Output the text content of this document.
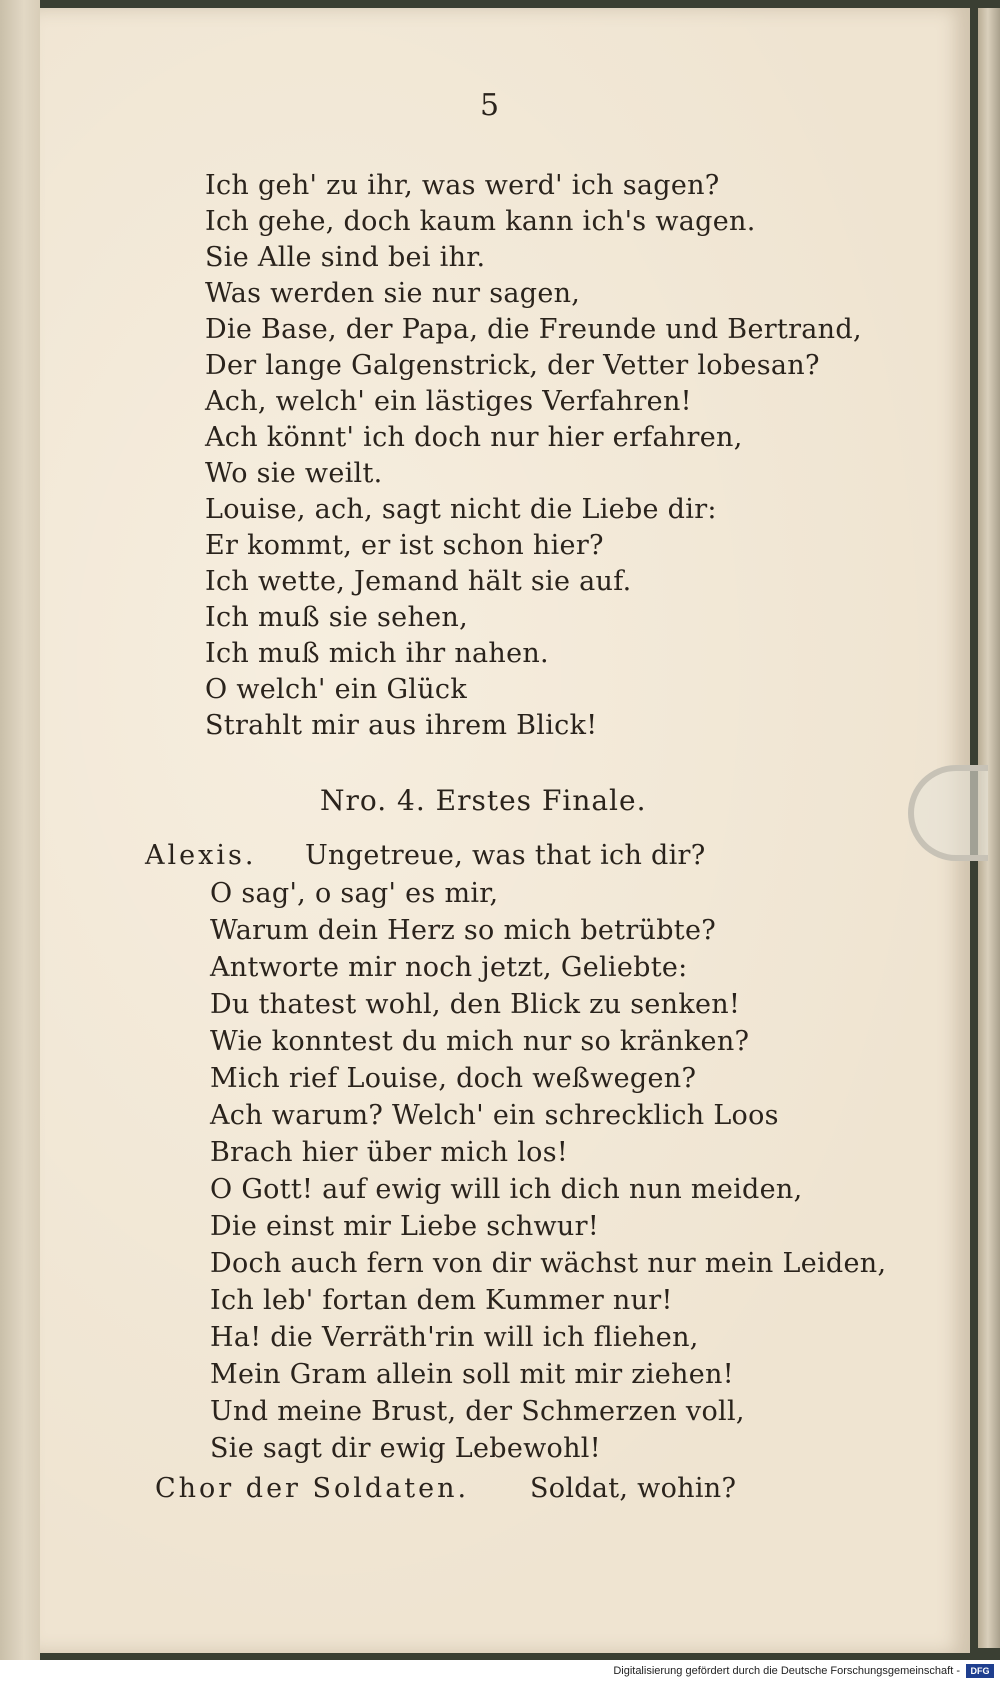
5
Ich geh' zu ihr, was werd' ich sagen?
Ich gehe, doch kaum kann ich's wagen.
Sie Alle sind bei ihr.
Was werden sie nur sagen,
Die Base, der Papa, die Freunde und Bertrand,
Der lange Galgenstrick, der Vetter lobesan?
Ach, welch' ein lästiges Verfahren!
Ach könnt' ich doch nur hier erfahren,
Wo sie weilt.
Louise, ach, sagt nicht die Liebe dir:
Er kommt, er ist schon hier?
Ich wette, Jemand hält sie auf.
Ich muß sie sehen,
Ich muß mich ihr nahen.
O welch' ein Glück
Strahlt mir aus ihrem Blick!
Nro. 4. Erstes Finale.
Alexis. Ungetreue, was that ich dir?
O sag', o sag' es mir,
Warum dein Herz so mich betrübte?
Antworte mir noch jetzt, Geliebte:
Du thatest wohl, den Blick zu senken!
Wie konntest du mich nur so kränken?
Mich rief Louise, doch weßwegen?
Ach warum? Welch' ein schrecklich Loos
Brach hier über mich los!
O Gott! auf ewig will ich dich nun meiden,
Die einst mir Liebe schwur!
Doch auch fern von dir wächst nur mein Leiden,
Ich leb' fortan dem Kummer nur!
Ha! die Verräth'rin will ich fliehen,
Mein Gram allein soll mit mir ziehen!
Und meine Brust, der Schmerzen voll,
Sie sagt dir ewig Lebewohl!
Chor der Soldaten. Soldat, wohin?
Digitalisierung gefördert durch die Deutsche Forschungsgemeinschaft -	DFG
